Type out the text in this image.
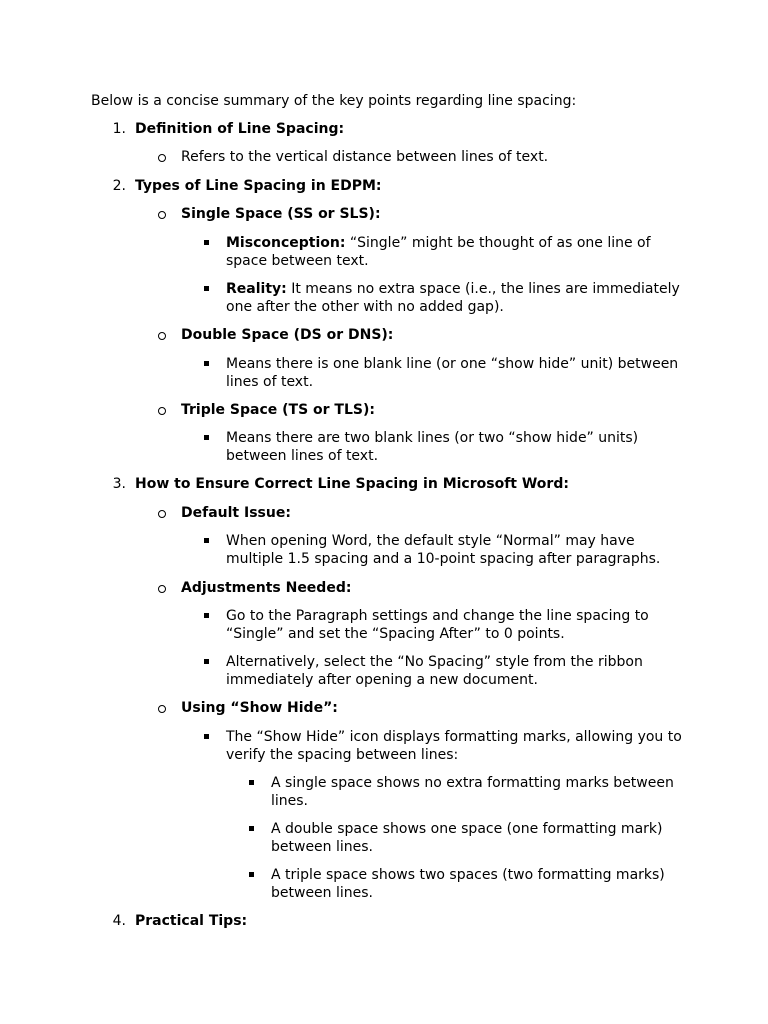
Below is a concise summary of the key points regarding line spacing:
1. Definition of Line Spacing:
Refers to the vertical distance between lines of text.
2. Types of Line Spacing in EDPM:
Single Space (SS or SLS):
Misconception: “Single” might be thought of as one line of
space between text.
Reality: It means no extra space (i.e., the lines are immediately
one after the other with no added gap).
Double Space (DS or DNS):
Means there is one blank line (or one “show hide” unit) between
lines of text.
Triple Space (TS or TLS):
Means there are two blank lines (or two “show hide” units)
between lines of text.
3. How to Ensure Correct Line Spacing in Microsoft Word:
Default Issue:
When opening Word, the default style “Normal” may have
multiple 1.5 spacing and a 10-point spacing after paragraphs.
Adjustments Needed:
Go to the Paragraph settings and change the line spacing to
“Single” and set the “Spacing After” to 0 points.
Alternatively, select the “No Spacing” style from the ribbon
immediately after opening a new document.
Using “Show Hide”:
The “Show Hide” icon displays formatting marks, allowing you to
verify the spacing between lines:
A single space shows no extra formatting marks between
lines.
A double space shows one space (one formatting mark)
between lines.
A triple space shows two spaces (two formatting marks)
between lines.
4. Practical Tips:
